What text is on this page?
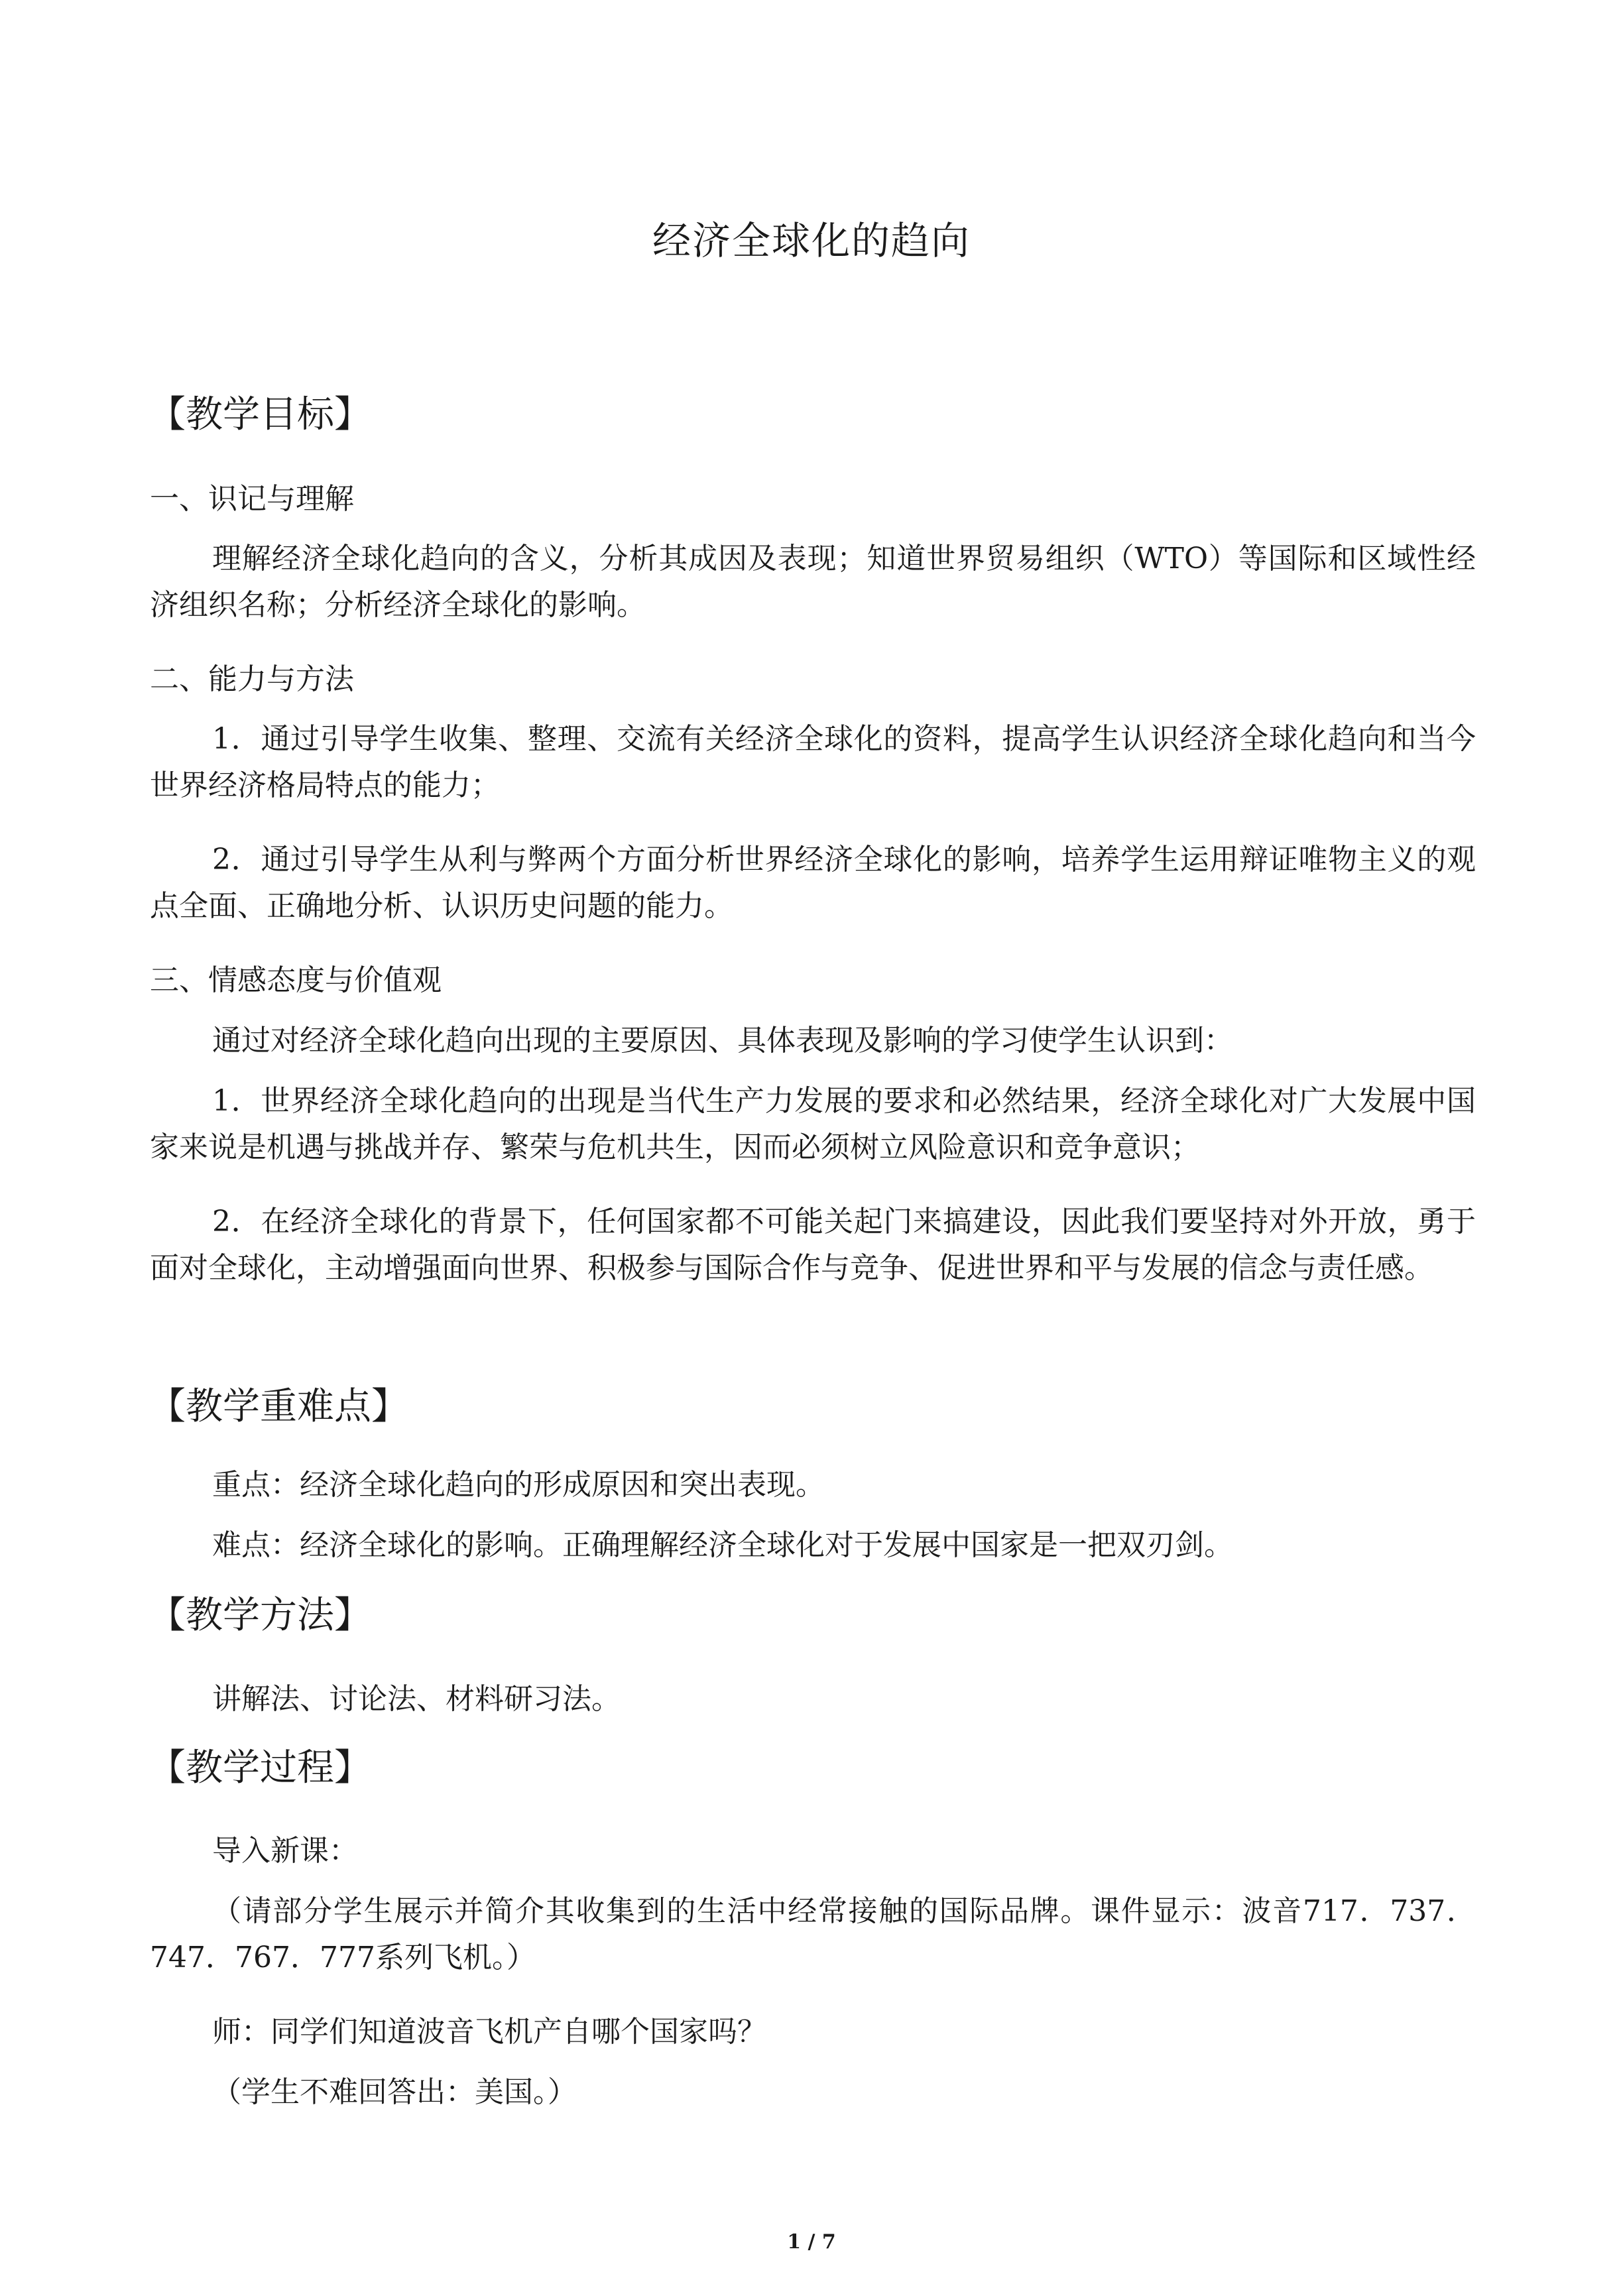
经济全球化的趋向
【教学目标】
一、识记与理解
理解经济全球化趋向的含义，分析其成因及表现；知道世界贸易组织（WTO）等国际和区域性经济组织名称；分析经济全球化的影响。
二、能力与方法
1．通过引导学生收集、整理、交流有关经济全球化的资料，提高学生认识经济全球化趋向和当今世界经济格局特点的能力；
2．通过引导学生从利与弊两个方面分析世界经济全球化的影响，培养学生运用辩证唯物主义的观点全面、正确地分析、认识历史问题的能力。
三、情感态度与价值观
通过对经济全球化趋向出现的主要原因、具体表现及影响的学习使学生认识到：
1．世界经济全球化趋向的出现是当代生产力发展的要求和必然结果，经济全球化对广大发展中国家来说是机遇与挑战并存、繁荣与危机共生，因而必须树立风险意识和竞争意识；
2．在经济全球化的背景下，任何国家都不可能关起门来搞建设，因此我们要坚持对外开放，勇于面对全球化，主动增强面向世界、积极参与国际合作与竞争、促进世界和平与发展的信念与责任感。
【教学重难点】
重点：经济全球化趋向的形成原因和突出表现。
难点：经济全球化的影响。正确理解经济全球化对于发展中国家是一把双刃剑。
【教学方法】
讲解法、讨论法、材料研习法。
【教学过程】
导入新课：
（请部分学生展示并简介其收集到的生活中经常接触的国际品牌。课件显示：波音717．737．747．767．777系列飞机。）
师：同学们知道波音飞机产自哪个国家吗？
（学生不难回答出：美国。）
1 / 7
